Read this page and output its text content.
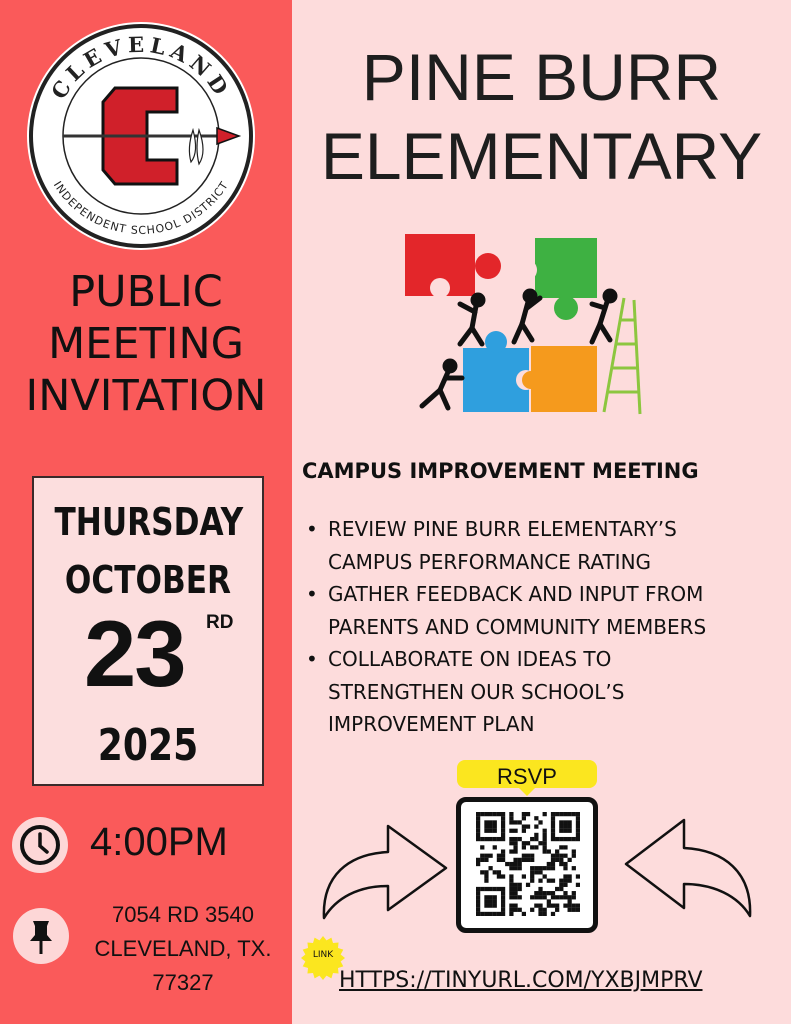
CLEVELAND
INDEPENDENT SCHOOL DISTRICT
PUBLIC
MEETING
INVITATION
THURSDAY
OCTOBER
23 RD
2025
4:00PM
7054 RD 3540
CLEVELAND, TX.
77327
PINE BURR
ELEMENTARY
CAMPUS IMPROVEMENT MEETING
• REVIEW PINE BURR ELEMENTARY’S
CAMPUS PERFORMANCE RATING
• GATHER FEEDBACK AND INPUT FROM
PARENTS AND COMMUNITY MEMBERS
• COLLABORATE ON IDEAS TO
STRENGTHEN OUR SCHOOL’S
IMPROVEMENT PLAN
RSVP
LINK
HTTPS://TINYURL.COM/YXBJMPRV
